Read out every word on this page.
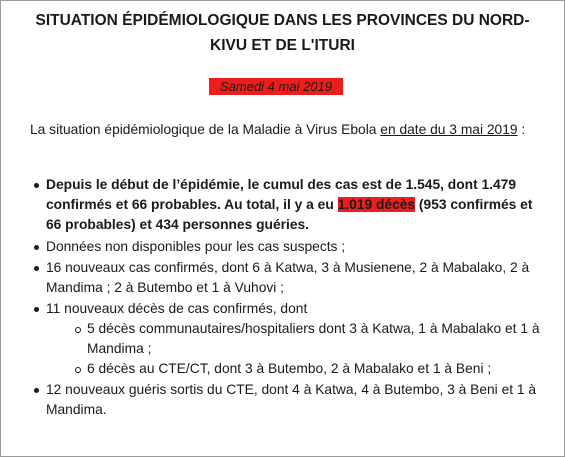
SITUATION ÉPIDÉMIOLOGIQUE DANS LES PROVINCES DU NORD-
KIVU ET DE L'ITURI
Samedi 4 mai 2019
La situation épidémiologique de la Maladie à Virus Ebola en date du 3 mai 2019 :
Depuis le début de l’épidémie, le cumul des cas est de 1.545, dont 1.479 confirmés et 66 probables. Au total, il y a eu 1.019 décès (953 confirmés et 66 probables) et 434 personnes guéries.
Données non disponibles pour les cas suspects ;
16 nouveaux cas confirmés, dont 6 à Katwa, 3 à Musienene, 2 à Mabalako, 2 à Mandima ; 2 à Butembo et 1 à Vuhovi ;
11 nouveaux décès de cas confirmés, dont
5 décès communautaires/hospitaliers dont 3 à Katwa, 1 à Mabalako et 1 à Mandima ;
6 décès au CTE/CT, dont 3 à Butembo, 2 à Mabalako et 1 à Beni ;
12 nouveaux guéris sortis du CTE, dont 4 à Katwa, 4 à Butembo, 3 à Beni et 1 à Mandima.
